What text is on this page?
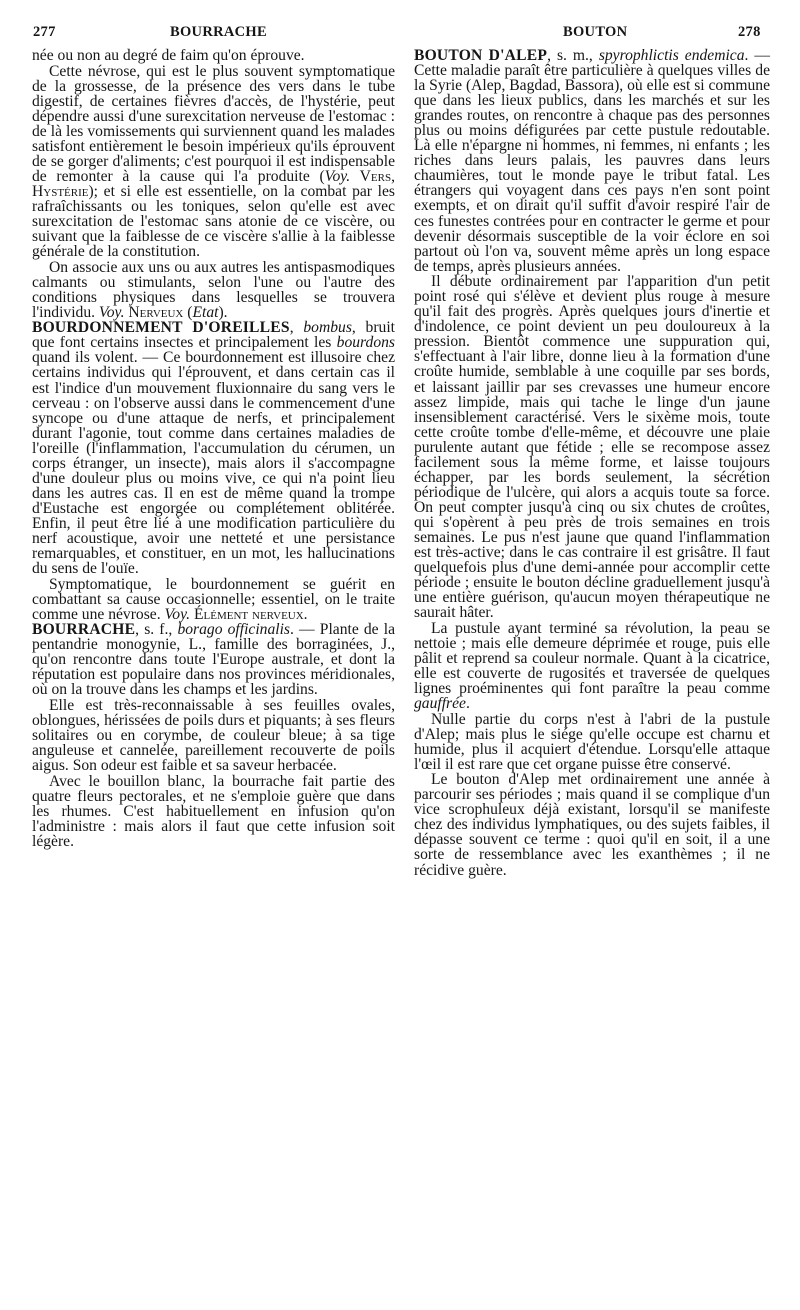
277	BOURRACHE	BOUTON	278

née ou non au degré de faim qu'on éprouve.

Cette névrose, qui est le plus souvent symptomatique de la grossesse, de la présence des vers dans le tube digestif, de certaines fièvres d'accès, de l'hystérie, peut dépendre aussi d'une surexcitation nerveuse de l'estomac : de là les vomissements qui surviennent quand les malades satisfont entièrement le besoin impérieux qu'ils éprouvent de se gorger d'aliments; c'est pourquoi il est indispensable de remonter à la cause qui l'a produite (Voy. Vers, Hystérie); et si elle est essentielle, on la combat par les rafraîchissants ou les toniques, selon qu'elle est avec surexcitation de l'estomac sans atonie de ce viscère, ou suivant que la faiblesse de ce viscère s'allie à la faiblesse générale de la constitution.

On associe aux uns ou aux autres les antispasmodiques calmants ou stimulants, selon l'une ou l'autre des conditions physiques dans lesquelles se trouvera l'individu. Voy. Nerveux (Etat).

BOURDONNEMENT D'OREILLES, bombus, bruit que font certains insectes et principalement les bourdons quand ils volent. — Ce bourdonnement est illusoire chez certains individus qui l'éprouvent, et dans certain cas il est l'indice d'un mouvement fluxionnaire du sang vers le cerveau : on l'observe aussi dans le commencement d'une syncope ou d'une attaque de nerfs, et principalement durant l'agonie, tout comme dans certaines maladies de l'oreille (l'inflammation, l'accumulation du cérumen, un corps étranger, un insecte), mais alors il s'accompagne d'une douleur plus ou moins vive, ce qui n'a point lieu dans les autres cas. Il en est de même quand la trompe d'Eustache est engorgée ou complétement oblitérée. Enfin, il peut être lié à une modification particulière du nerf acoustique, avoir une netteté et une persistance remarquables, et constituer, en un mot, les hallucinations du sens de l'ouïe.

Symptomatique, le bourdonnement se guérit en combattant sa cause occasionnelle; essentiel, on le traite comme une névrose. Voy. Élément nerveux.

BOURRACHE, s. f., borago officinalis. — Plante de la pentandrie monogynie, L., famille des borraginées, J., qu'on rencontre dans toute l'Europe australe, et dont la réputation est populaire dans nos provinces méridionales, où on la trouve dans les champs et les jardins.

Elle est très-reconnaissable à ses feuilles ovales, oblongues, hérissées de poils durs et piquants; à ses fleurs solitaires ou en corymbe, de couleur bleue; à sa tige anguleuse et cannelée, pareillement recouverte de poils aigus. Son odeur est faible et sa saveur herbacée.

Avec le bouillon blanc, la bourrache fait partie des quatre fleurs pectorales, et ne s'emploie guère que dans les rhumes. C'est habituellement en infusion qu'on l'administre : mais alors il faut que cette infusion soit légère.

BOUTON D'ALEP, s. m., spyrophlictis endemica. — Cette maladie paraît être particulière à quelques villes de la Syrie (Alep, Bagdad, Bassora), où elle est si commune que dans les lieux publics, dans les marchés et sur les grandes routes, on rencontre à chaque pas des personnes plus ou moins défigurées par cette pustule redoutable. Là elle n'épargne ni hommes, ni femmes, ni enfants ; les riches dans leurs palais, les pauvres dans leurs chaumières, tout le monde paye le tribut fatal. Les étrangers qui voyagent dans ces pays n'en sont point exempts, et on dirait qu'il suffit d'avoir respiré l'air de ces funestes contrées pour en contracter le germe et pour devenir désormais susceptible de la voir éclore en soi partout où l'on va, souvent même après un long espace de temps, après plusieurs années.

Il débute ordinairement par l'apparition d'un petit point rosé qui s'élève et devient plus rouge à mesure qu'il fait des progrès. Après quelques jours d'inertie et d'indolence, ce point devient un peu douloureux à la pression. Bientôt commence une suppuration qui, s'effectuant à l'air libre, donne lieu à la formation d'une croûte humide, semblable à une coquille par ses bords, et laissant jaillir par ses crevasses une humeur encore assez limpide, mais qui tache le linge d'un jaune insensiblement caractérisé. Vers le sixème mois, toute cette croûte tombe d'elle-même, et découvre une plaie purulente autant que fétide ; elle se recompose assez facilement sous la même forme, et laisse toujours échapper, par les bords seulement, la sécrétion périodique de l'ulcère, qui alors a acquis toute sa force. On peut compter jusqu'à cinq ou six chutes de croûtes, qui s'opèrent à peu près de trois semaines en trois semaines. Le pus n'est jaune que quand l'inflammation est très-active; dans le cas contraire il est grisâtre. Il faut quelquefois plus d'une demi-année pour accomplir cette période ; ensuite le bouton décline graduellement jusqu'à une entière guérison, qu'aucun moyen thérapeutique ne saurait hâter.

La pustule ayant terminé sa révolution, la peau se nettoie ; mais elle demeure déprimée et rouge, puis elle pâlit et reprend sa couleur normale. Quant à la cicatrice, elle est couverte de rugosités et traversée de quelques lignes proéminentes qui font paraître la peau comme gauffrée.

Nulle partie du corps n'est à l'abri de la pustule d'Alep; mais plus le siége qu'elle occupe est charnu et humide, plus il acquiert d'étendue. Lorsqu'elle attaque l'œil il est rare que cet organe puisse être conservé.

Le bouton d'Alep met ordinairement une année à parcourir ses périodes ; mais quand il se complique d'un vice scrophuleux déjà existant, lorsqu'il se manifeste chez des individus lymphatiques, ou des sujets faibles, il dépasse souvent ce terme : quoi qu'il en soit, il a une sorte de ressemblance avec les exanthèmes ; il ne récidive guère.
